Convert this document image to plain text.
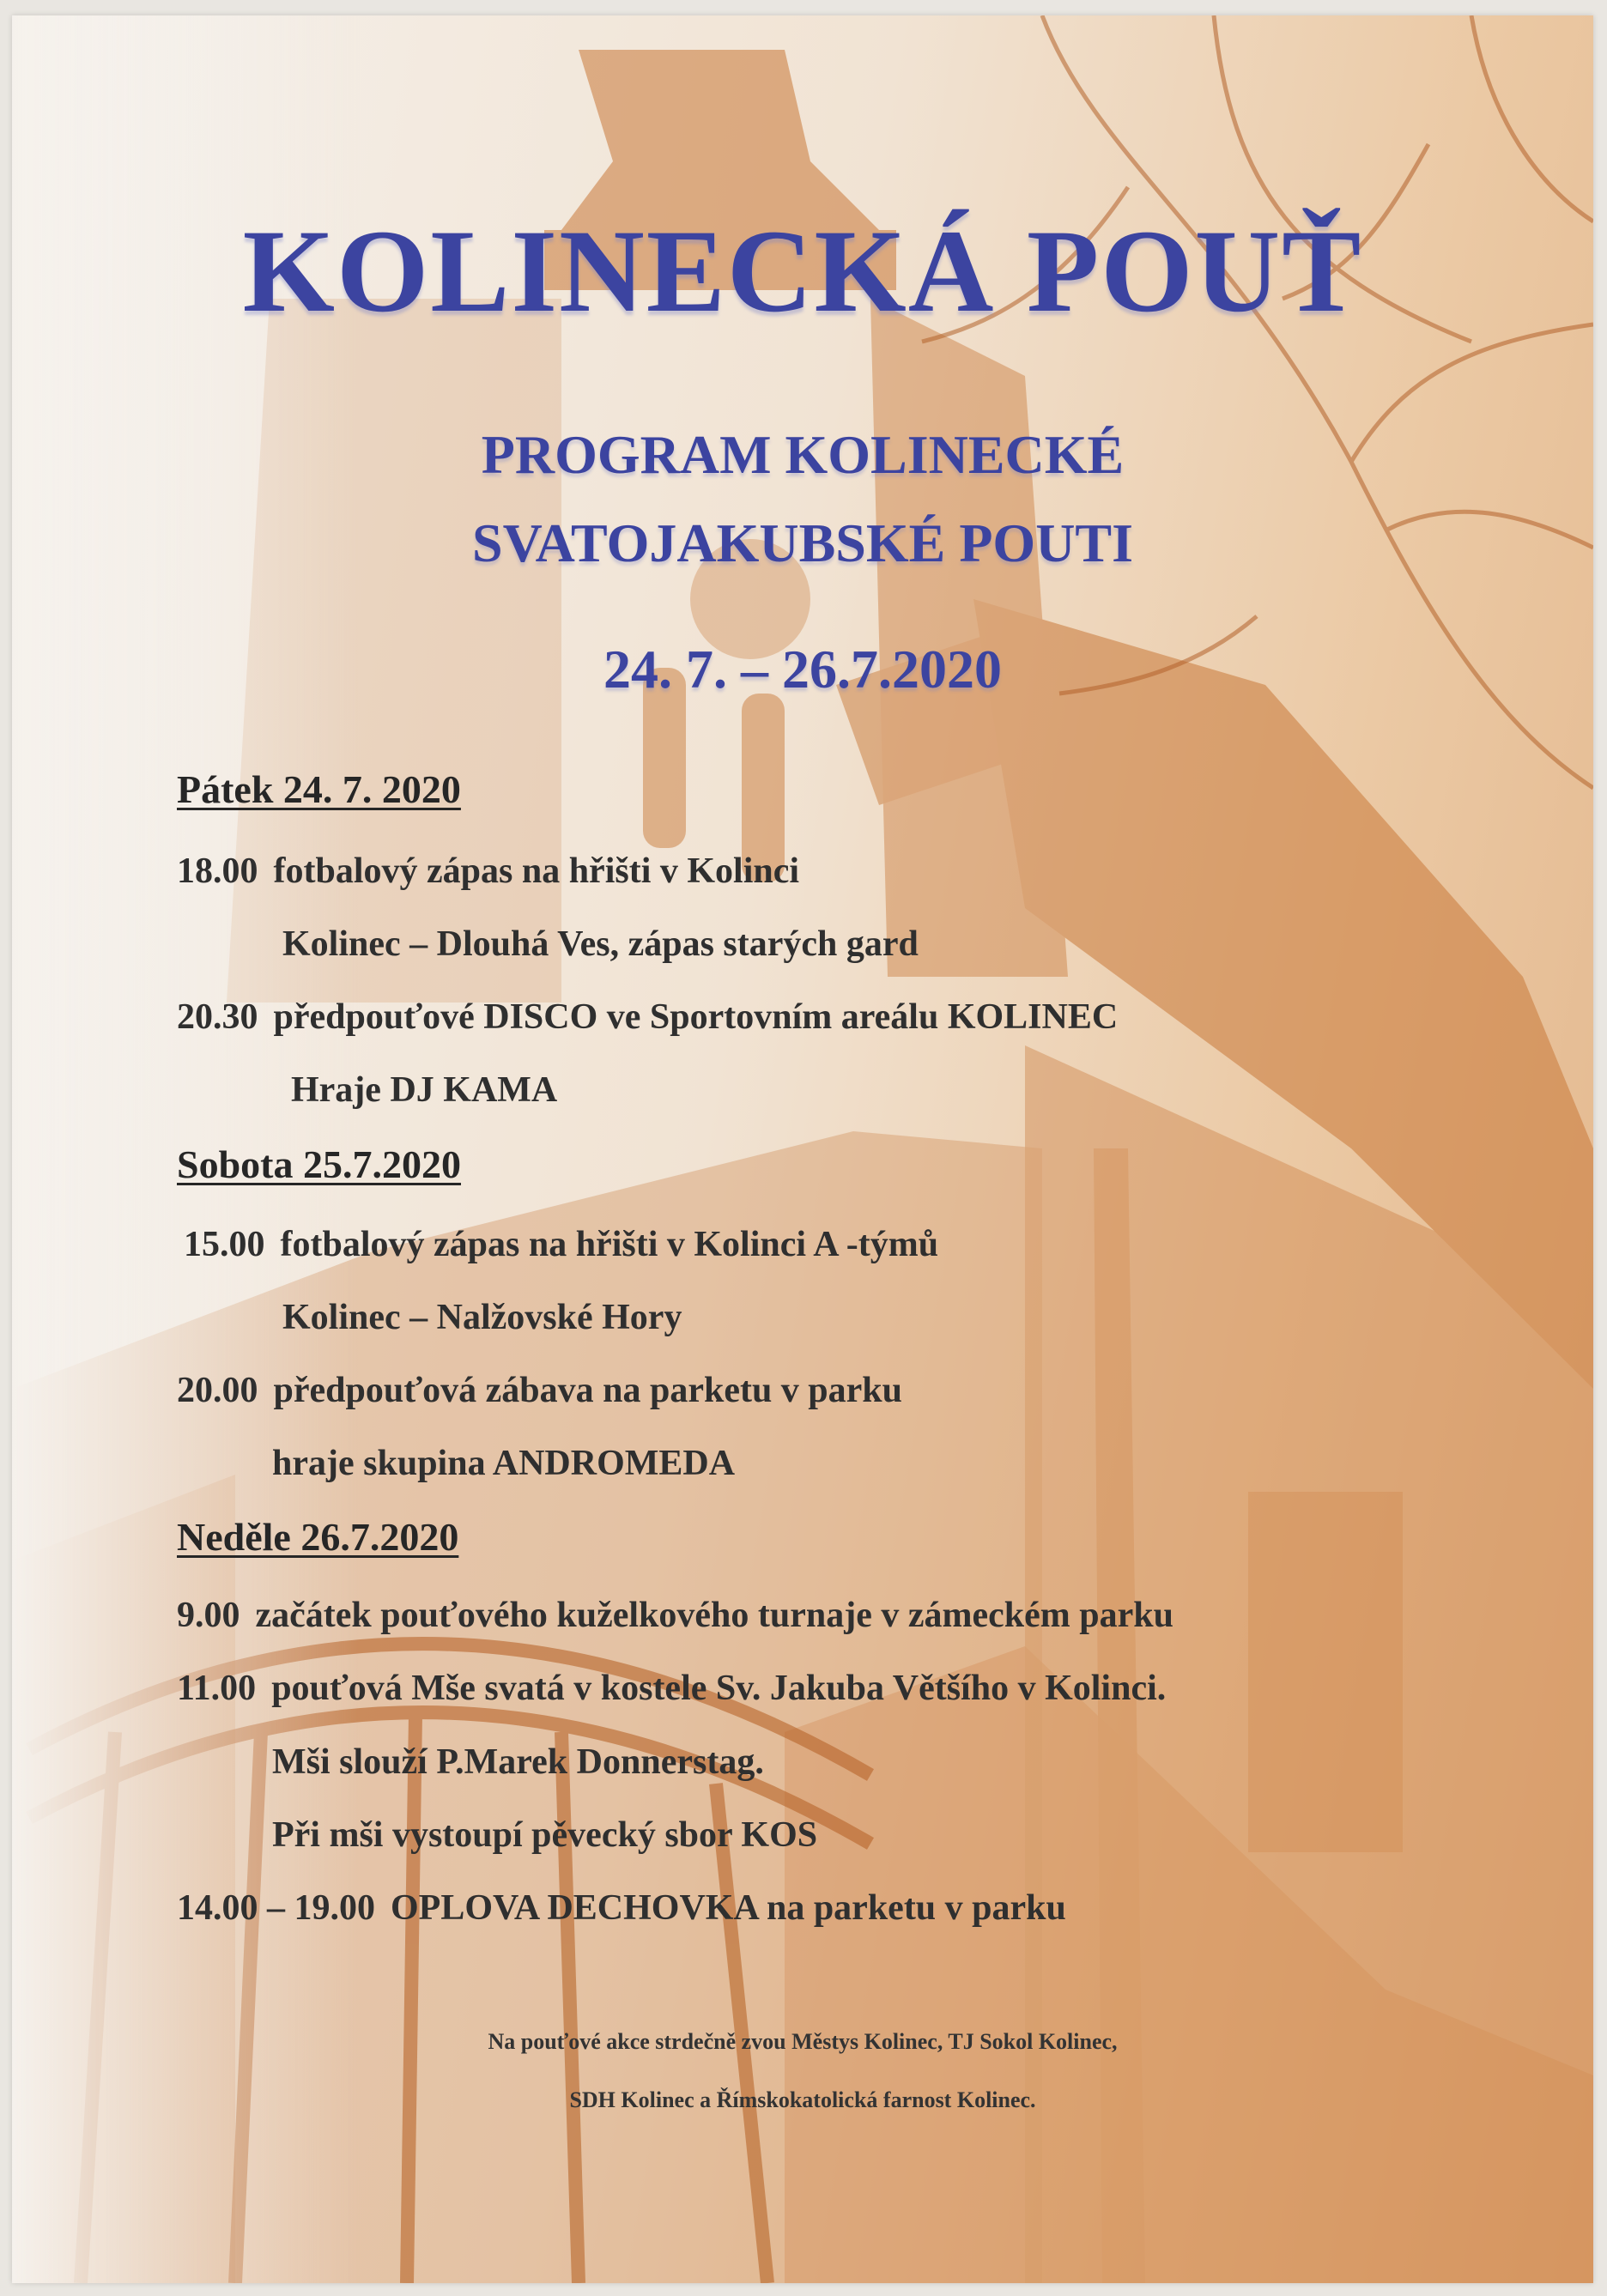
KOLINECKÁ POUŤ
PROGRAM KOLINECKÉ
SVATOJAKUBSKÉ POUTI
24. 7. – 26.7.2020
Pátek 24. 7. 2020
18.00 fotbalový zápas na hřišti v Kolinci
Kolinec – Dlouhá Ves, zápas starých gard
20.30 předpouťové DISCO ve Sportovním areálu KOLINEC
Hraje DJ KAMA
Sobota 25.7.2020
15.00 fotbalový zápas na hřišti v Kolinci A -týmů
Kolinec – Nalžovské Hory
20.00 předpouťová zábava na parketu v parku
hraje skupina ANDROMEDA
Neděle 26.7.2020
9.00 začátek pouťového kuželkového turnaje v zámeckém parku
11.00 pouťová Mše svatá v kostele Sv. Jakuba Většího v Kolinci.
Mši slouží P.Marek Donnerstag.
Při mši vystoupí pěvecký sbor KOS
14.00 – 19.00 OPLOVA DECHOVKA na parketu v parku
Na pouťové akce strdečně zvou Městys Kolinec, TJ Sokol Kolinec,
SDH Kolinec a Římskokatolická farnost Kolinec.
